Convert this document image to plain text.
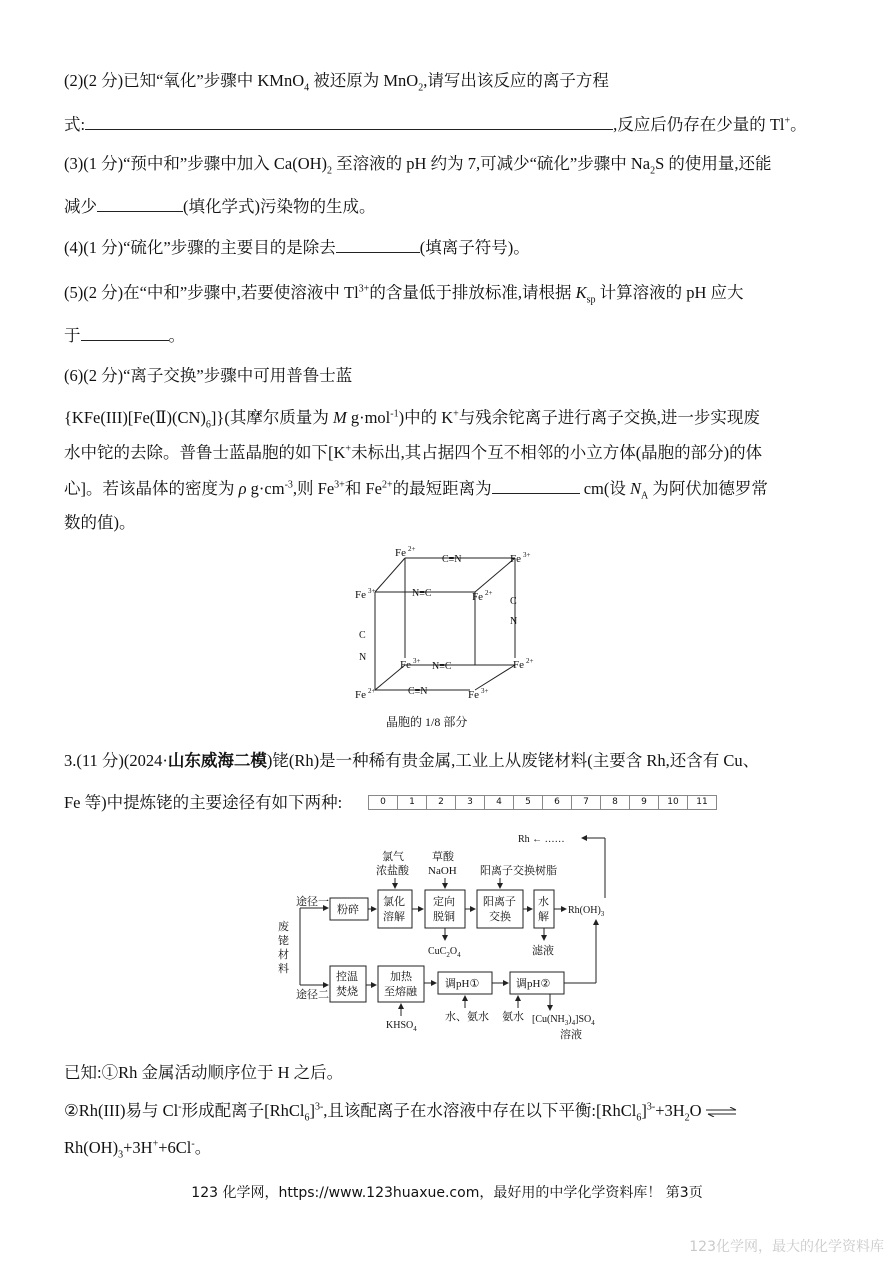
(2)(2 分)已知“氧化”步骤中 KMnO$_4$ 被还原为 MnO$_2$,请写出该反应的离子方程
式:	,反应后仍存在少量的 Tl+。
(3)(1 分)“预中和”步骤中加入 $Ca(OH)_2$ 至溶液的 pH 约为 7,可减少“硫化”步骤中 $Na_2S$ 的使用量,还能
减少	(填化学式)污染物的生成。
(4)(1 分)“硫化”步骤的主要目的是除去	(填离子符号)。
(5)(2 分)在“中和”步骤中,若要使溶液中 $Tl^{3+}$的含量低于排放标准,请根据 $K_{sp}$ 计算溶液的 pH 应大
于	。
(6)(2 分)“离子交换”步骤中可用普鲁士蓝
$\{KFe(III)[Fe(Ⅱ)(CN)_6]\}$(其摩尔质量为 M g·mol$^{-1}$)中的 K+与残余铊离子进行离子交换,进一步实现废
水中铊的去除。普鲁士蓝晶胞的如下[K+未标出,其占据四个互不相邻的小立方体(晶胞的部分)的体
心]。若该晶体的密度为 ρ $g\cdot cm^{-3}$,则 $Fe^{3+}$和 $Fe^{2+}$的最短距离为	cm(设 $N_A$ 为阿伏加德罗常
数的值)。
Fe 2+
C≡N	Fe 3+
Fe 3+	N≡C	Fe 2+
Fe 3+ N≡C	Fe 2+
Fe 2+	C≡N	Fe 3+
C
N
C
N
晶胞的 1/8 部分
3.(11 分)(2024·山东威海二模)铑(Rh)是一种稀有贵金属,工业上从废铑材料(主要含 Rh,还含有 Cu、
Fe 等)中提炼铑的主要途径有如下两种:	0	1	2	3	4	5	6	7	8	9	10	11
途径一
途径二
废
铑
材
料
粉碎
氯气
浓盐酸
氯化
溶解
草酸
NaOH
定向
脱铜
$CuC_2O_4$
阳离子交换树脂
阳离子
交换
水
解
滤液
$Rh(OH)_3$
Rh ← ……
控温
焚烧
加热
至熔融
$KHSO_4$
调pH①	调pH②
水、氨水 氨水 $[Cu(NH_3)_4]SO_4$
溶液
已知:①Rh 金属活动顺序位于 H 之后。
②Rh(III)易与 Cl-形成配离子[RhCl$_6$]$^{3-}$,且该配离子在水溶液中存在以下平衡$:[RhCl_6]^{3-}+3H_2O$ ⇌
$Rh(OH)_3+3H^++6Cl^-$。
123 化学网，https://www.123huaxue.com，最好用的中学化学资料库！ 第3页
123化学网，最大的化学资料库
